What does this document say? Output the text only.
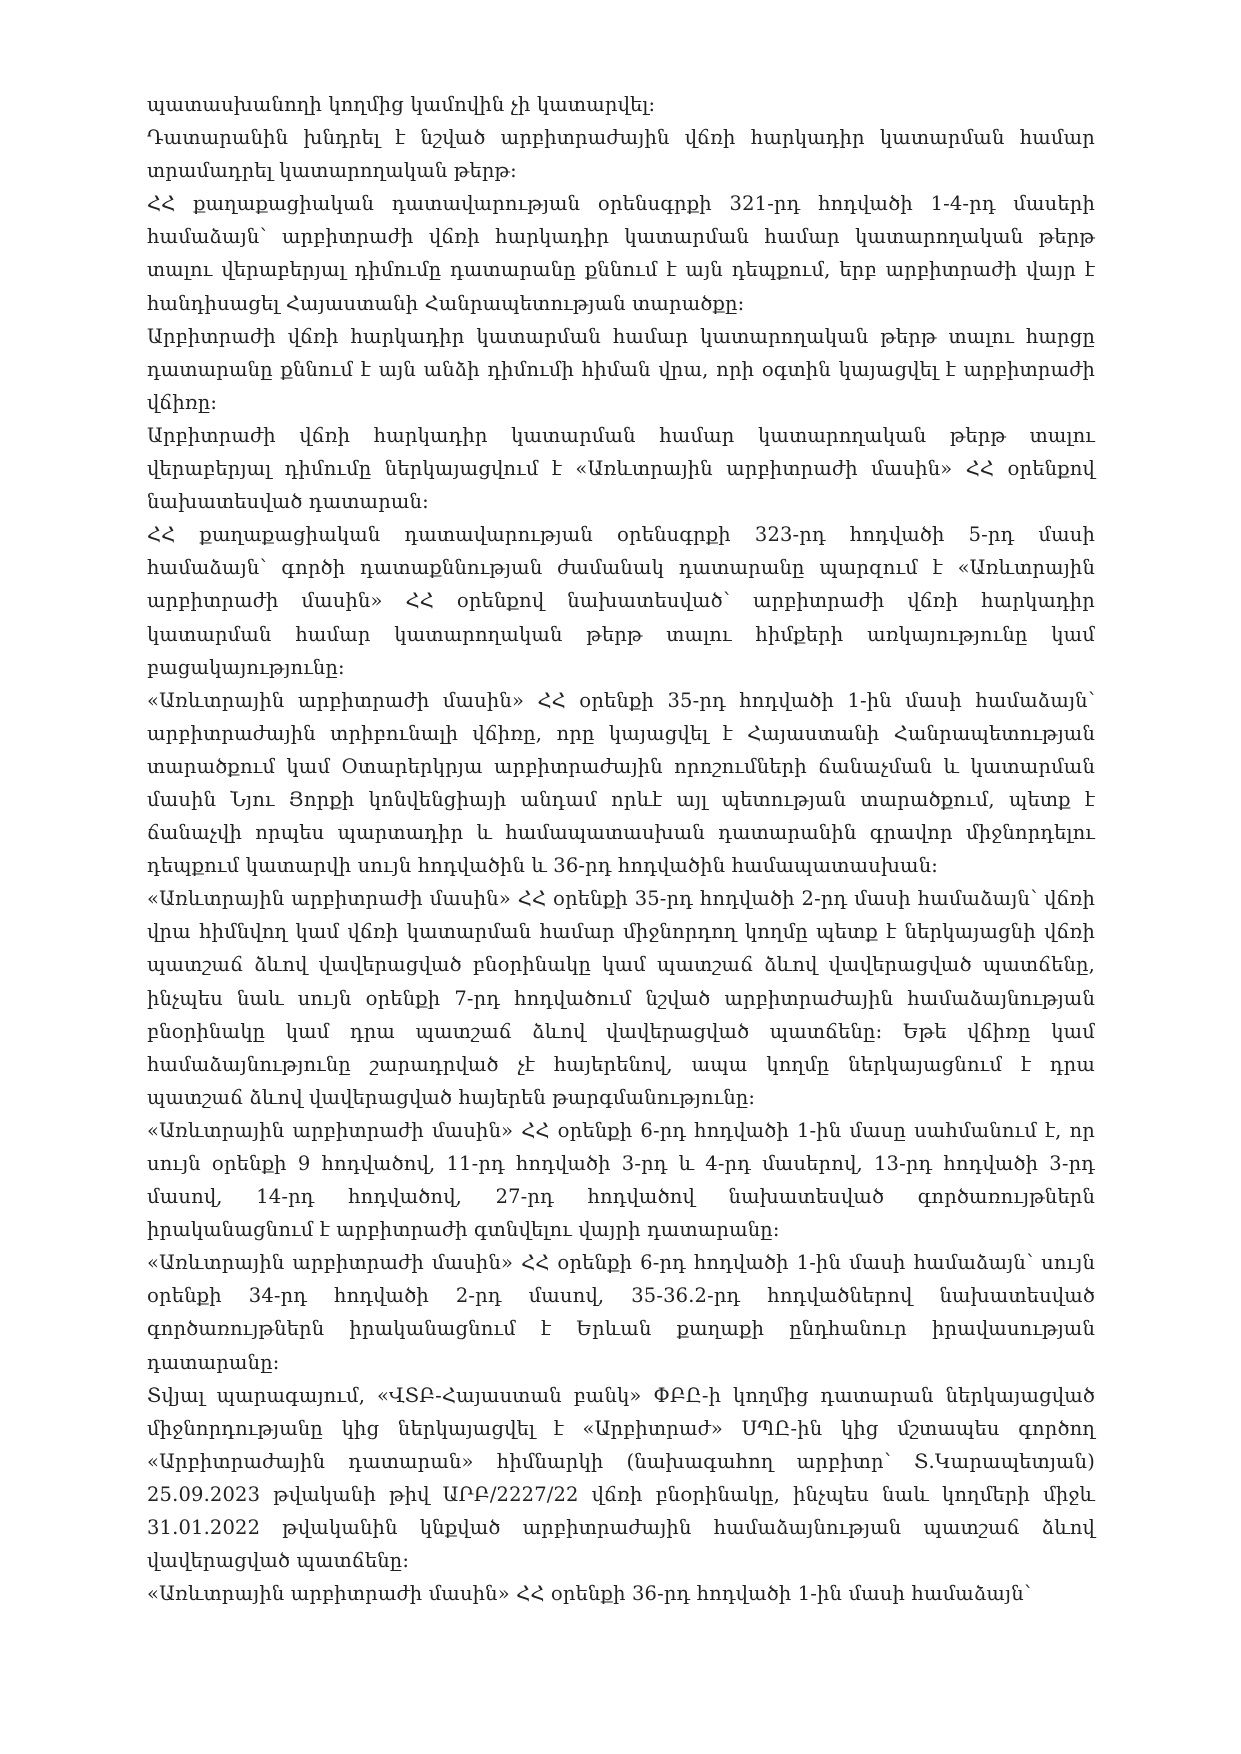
պատասխանողի կողմից կամովին չի կատարվել։

Դատարանին խնդրել է նշված արբիտրաժային վճռի հարկադիր կատարման համար տրամադրել կատարողական թերթ։

ՀՀ քաղաքացիական դատավարության օրենսգրքի 321-րդ հոդվածի 1-4-րդ մասերի համաձայն՝ արբիտրաժի վճռի հարկադիր կատարման համար կատարողական թերթ տալու վերաբերյալ դիմումը դատարանը քննում է այն դեպքում, երբ արբիտրաժի վայր է հանդիսացել Հայաստանի Հանրապետության տարածքը։

Արբիտրաժի վճռի հարկադիր կատարման համար կատարողական թերթ տալու հարցը դատարանը քննում է այն անձի դիմումի հիման վրա, որի օգտին կայացվել է արբիտրաժի վճիռը։

Արբիտրաժի վճռի հարկադիր կատարման համար կատարողական թերթ տալու վերաբերյալ դիմումը ներկայացվում է «Առևտրային արբիտրաժի մասին» ՀՀ օրենքով նախատեսված դատարան։

ՀՀ քաղաքացիական դատավարության օրենսգրքի 323-րդ հոդվածի 5-րդ մասի համաձայն՝ գործի դատաքննության ժամանակ դատարանը պարզում է «Առևտրային արբիտրաժի մասին» ՀՀ օրենքով նախատեսված՝ արբիտրաժի վճռի հարկադիր կատարման համար կատարողական թերթ տալու հիմքերի առկայությունը կամ բացակայությունը։

«Առևտրային արբիտրաժի մասին» ՀՀ օրենքի 35-րդ հոդվածի 1-ին մասի համաձայն՝ արբիտրաժային տրիբունալի վճիռը, որը կայացվել է Հայաստանի Հանրապետության տարածքում կամ Օտարերկրյա արբիտրաժային որոշումների ճանաչման և կատարման մասին Նյու Յորքի կոնվենցիայի անդամ որևէ այլ պետության տարածքում, պետք է ճանաչվի որպես պարտադիր և համապատասխան դատարանին գրավոր միջնորդելու դեպքում կատարվի սույն հոդվածին և 36-րդ հոդվածին համապատասխան։

«Առևտրային արբիտրաժի մասին» ՀՀ օրենքի 35-րդ հոդվածի 2-րդ մասի համաձայն՝ վճռի վրա հիմնվող կամ վճռի կատարման համար միջնորդող կողմը պետք է ներկայացնի վճռի պատշաճ ձևով վավերացված բնօրինակը կամ պատշաճ ձևով վավերացված պատճենը, ինչպես նաև սույն օրենքի 7-րդ հոդվածում նշված արբիտրաժային համաձայնության բնօրինակը կամ դրա պատշաճ ձևով վավերացված պատճենը։ Եթե վճիռը կամ համաձայնությունը շարադրված չէ հայերենով, ապա կողմը ներկայացնում է դրա պատշաճ ձևով վավերացված հայերեն թարգմանությունը։

«Առևտրային արբիտրաժի մասին» ՀՀ օրենքի 6-րդ հոդվածի 1-ին մասը սահմանում է, որ սույն օրենքի 9 հոդվածով, 11-րդ հոդվածի 3-րդ և 4-րդ մասերով, 13-րդ հոդվածի 3-րդ մասով, 14-րդ հոդվածով, 27-րդ հոդվածով նախատեսված գործառույթներն իրականացնում է արբիտրաժի գտնվելու վայրի դատարանը։

«Առևտրային արբիտրաժի մասին» ՀՀ օրենքի 6-րդ հոդվածի 1-ին մասի համաձայն՝ սույն օրենքի 34-րդ հոդվածի 2-րդ մասով, 35-36.2-րդ հոդվածներով նախատեսված գործառույթներն իրականացնում է Երևան քաղաքի ընդհանուր իրավասության դատարանը։

Տվյալ պարագայում, «ՎՏԲ-Հայաստան բանկ» ՓԲԸ-ի կողմից դատարան ներկայացված միջնորդությանը կից ներկայացվել է «Արբիտրաժ» ՍՊԸ-ին կից մշտապես գործող «Արբիտրաժային դատարան» հիմնարկի (նախագահող արբիտր՝ Տ.Կարապետյան) 25.09.2023 թվականի թիվ ԱՐԲ/2227/22 վճռի բնօրինակը, ինչպես նաև կողմերի միջև 31.01.2022 թվականին կնքված արբիտրաժային համաձայնության պատշաճ ձևով վավերացված պատճենը։

«Առևտրային արբիտրաժի մասին» ՀՀ օրենքի 36-րդ հոդվածի 1-ին մասի համաձայն՝
